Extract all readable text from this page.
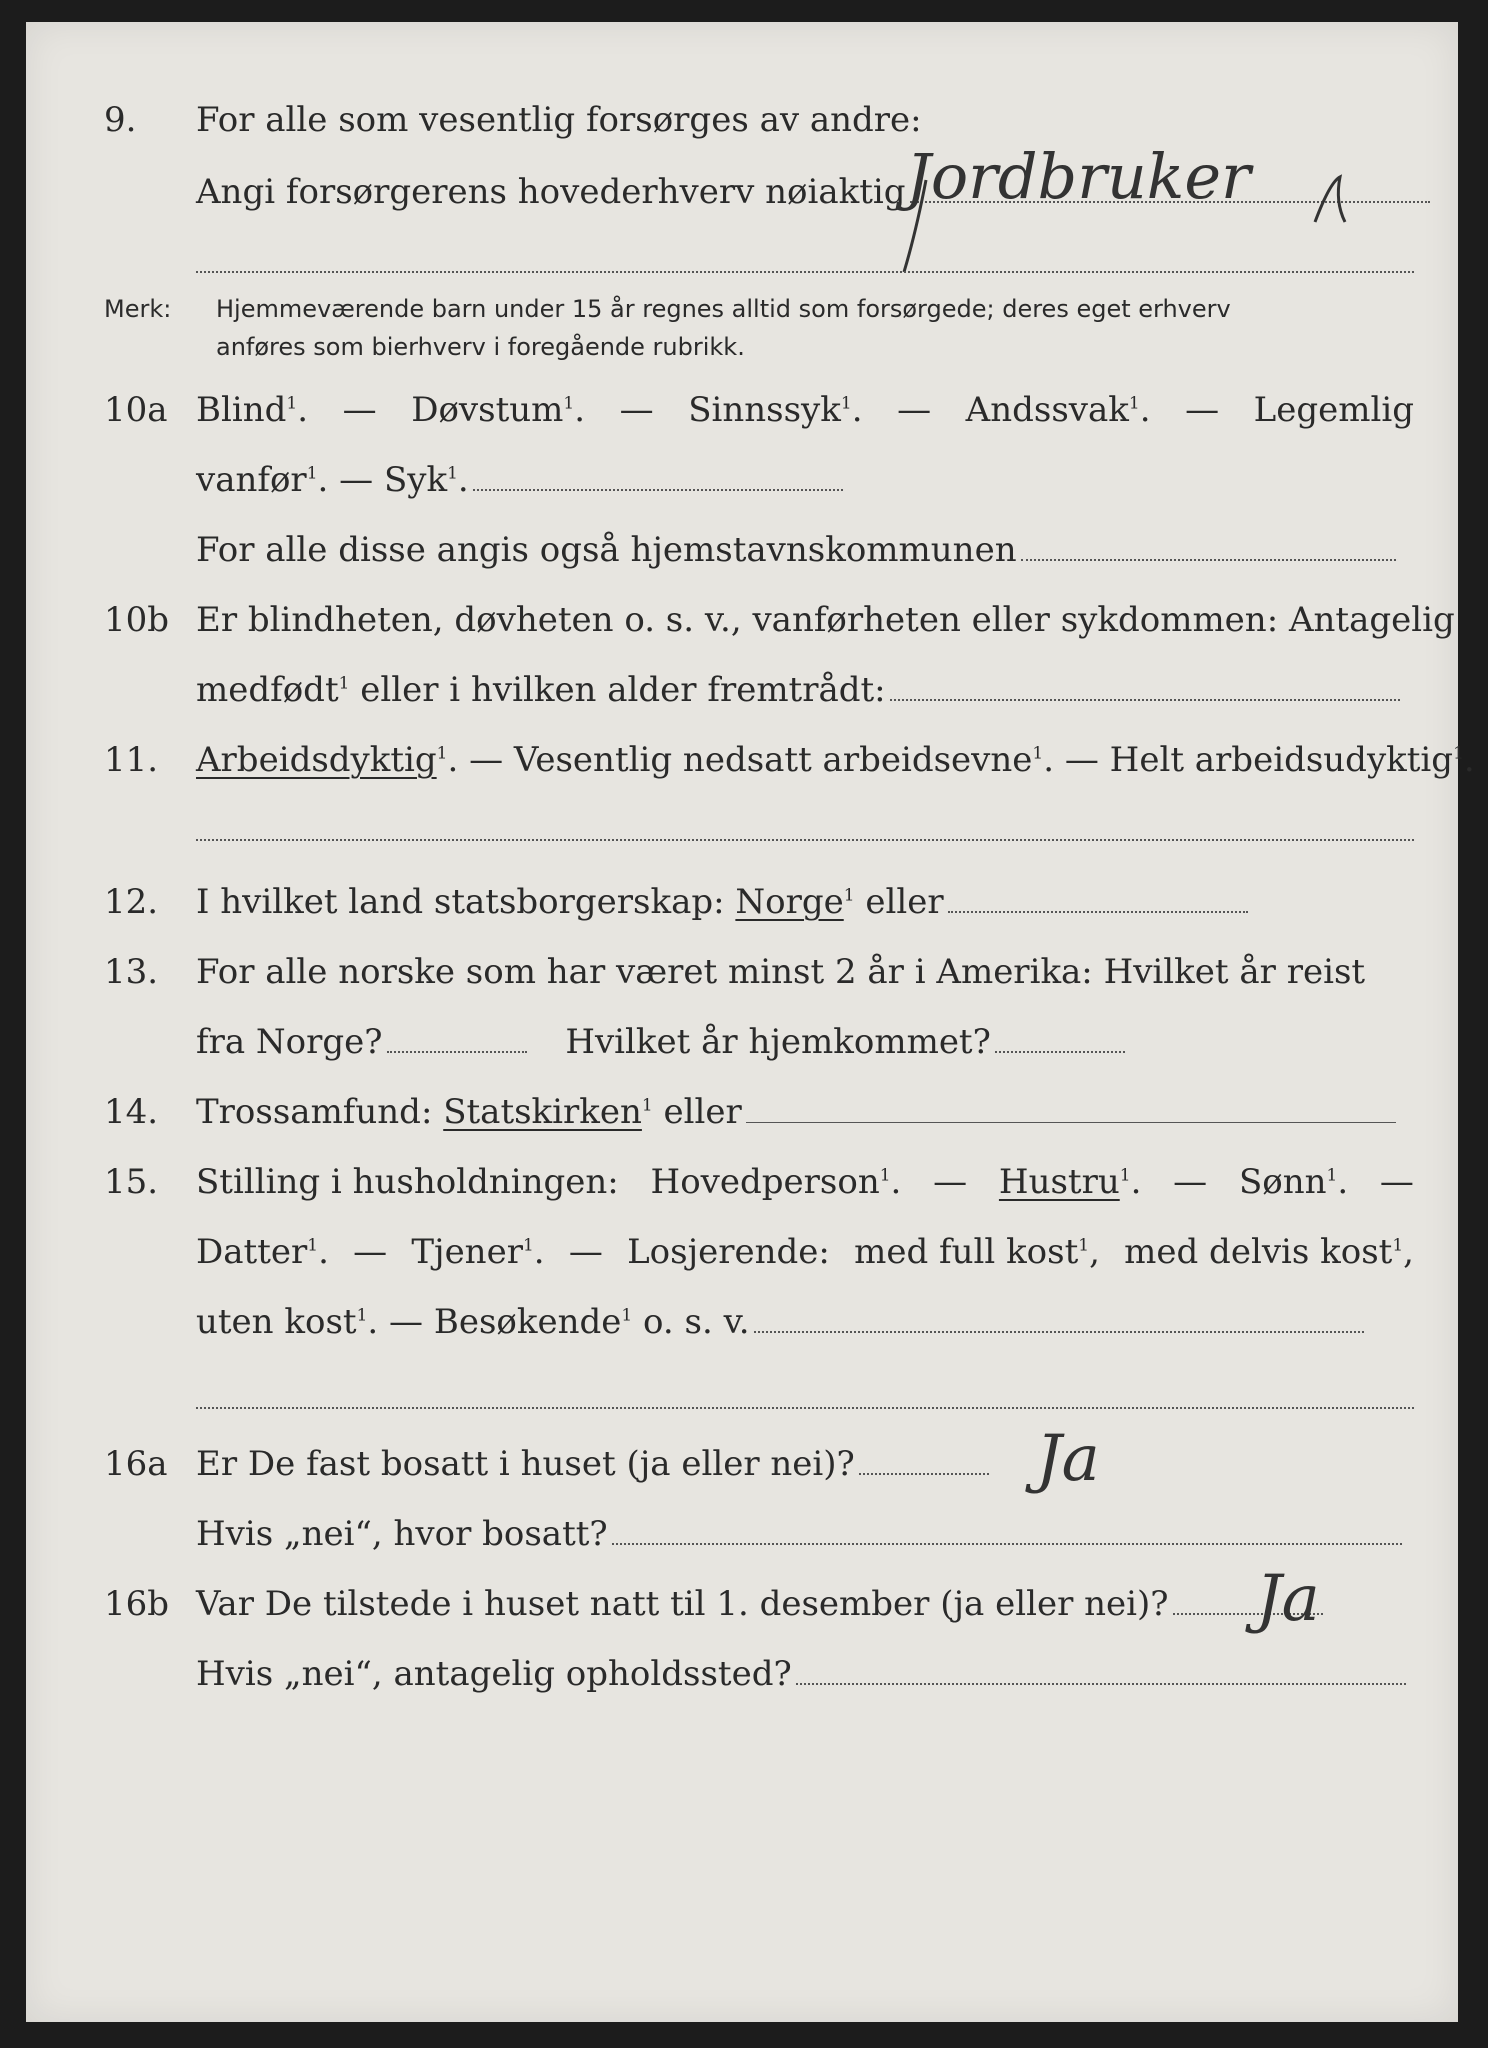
9.	For alle som vesentlig forsørges av andre:
Angi forsørgerens hovederhverv nøiaktig Jordbruker
Merk: Hjemmeværende barn under 15 år regnes alltid som forsørgede; deres eget erhverv
anføres som bierhverv i foregående rubrikk.
10a Blind$^1$. — Døvstum$^1$. — Sinnssyk$^1$. — Andssvak$^1$. — Legemlig
vanfør$^1$. — Syk$^1$.
For alle disse angis også hjemstavnskommunen
10b Er blindheten, døvheten o. s. v., vanførheten eller sykdommen: Antagelig
medfødt$^1$ eller i hvilken alder fremtrådt:
11.	Arbeidsdyktig$^1$. — Vesentlig nedsatt arbeidsevne$^1$. — Helt arbeidsudyktig$^1$.
12.	I hvilket land statsborgerskap: Norge$^1$ eller
13.	For alle norske som har været minst 2 år i Amerika: Hvilket år reist
fra Norge?	Hvilket år hjemkommet?
14.	Trossamfund: Statskirken$^1$ eller
15.	Stilling i husholdningen: Hovedperson$^1$. — Hustru$^1$. — Sønn$^1$. —
Datter$^1$. — Tjener$^1$. — Losjerende: med full kost$^1$, med delvis kost$^1$,
uten kost$^1$. — Besøkende$^1$ o. s. v.
16a Er De fast bosatt i huset (ja eller nei)?	Ja
Hvis „nei“, hvor bosatt?
16b Var De tilstede i huset natt til 1. desember (ja eller nei)?	Ja
Hvis „nei“, antagelig opholdssted?
